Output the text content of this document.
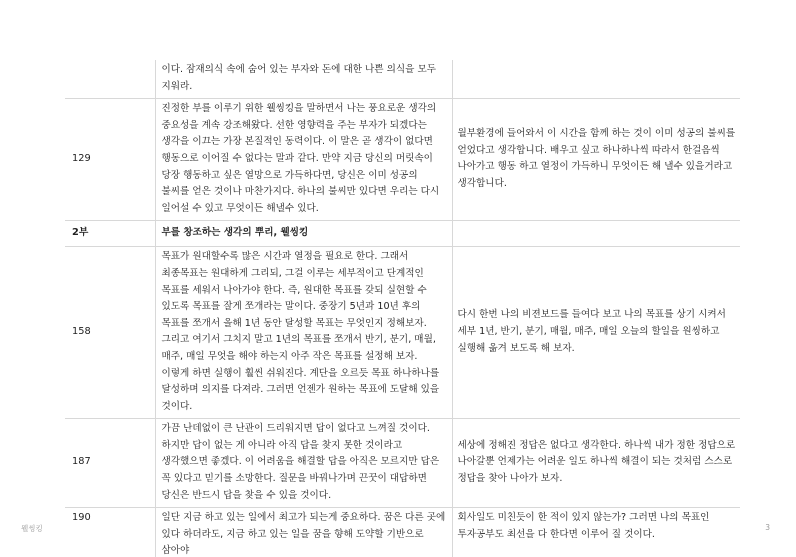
	이다. 잠재의식 속에 숨어 있는 부자와 돈에 대한 나쁜 의식을 모두 지워라.	
129	진정한 부를 이루기 위한 웰씽킹을 말하면서 나는 풍요로운 생각의 중요성을 계속 강조해왔다. 선한 영향력을 주는 부자가 되겠다는 생각을 이끄는 가장 본질적인 동력이다. 이 말은 곧 생각이 없다면 행동으로 이어질 수 없다는 말과 같다. 만약 지금 당신의 머릿속이 당장 행동하고 싶은 열망으로 가득하다면, 당신은 이미 성공의 불씨를 얻은 것이나 마찬가지다. 하나의 불씨만 있다면 우리는 다시 일어설 수 있고 무엇이든 해낼수 있다.	월부환경에 들어와서 이 시간을 함께 하는 것이 이미 성공의 불씨를 얻었다고 생각합니다. 배우고 싶고 하나하나씩 따라서 한걸음씩 나아가고 행동 하고 열정이 가득하니 무엇이든 해 낼수 있을거라고 생각합니다.
2부	부를 창조하는 생각의 뿌리, 웰씽킹	
158	목표가 원대할수록 많은 시간과 열정을 필요로 한다. 그래서 최종목표는 원대하게 그리되, 그걸 이루는 세부적이고 단계적인 목표를 세워서 나아가야 한다. 즉, 원대한 목표를 갖되 실현할 수 있도록 목표를 잘게 쪼개라는 말이다. 중장기 5년과 10년 후의 목표를 쪼개서 올해 1년 동안 달성할 목표는 무엇인지 정해보자. 그리고 여기서 그치지 말고 1년의 목표를 쪼개서 반기, 분기, 매월, 매주, 매일 무엇을 해야 하는지 아주 작은 목표를 설정해 보자. 이렇게 하면 실행이 훨씬 쉬워진다. 계단을 오르듯 목표 하나하나를 달성하며 의지를 다져라. 그러면 언젠가 원하는 목표에 도달해 있을 것이다.	다시 한번 나의 비젼보드를 들여다 보고 나의 목표를 상기 시켜서 세부 1년, 반기, 분기, 매월, 매주, 매일 오늘의 할일을 원씽하고 실행해 옮겨 보도록 해 보자.
187	가끔 난데없이 큰 난관이 드리워지면 답이 없다고 느껴질 것이다. 하지만 답이 없는 게 아니라 아직 답을 찾지 못한 것이라고 생각했으면 좋겠다. 이 어려움을 해결할 답을 아직은 모르지만 답은 꼭 있다고 믿기를 소망한다. 질문을 바꿔나가며 끈꿋이 대답하면 당신은 반드시 답을 찾을 수 있을 것이다.	세상에 정해진 정답은 없다고 생각한다. 하나씩 내가 정한 정답으로 나아갈뿐 언제가는 어려운 일도 하나씩 해결이 되는 것처럼 스스로 정답을 찾아 나아가 보자.
190	일단 지금 하고 있는 일에서 최고가 되는게 중요하다. 꿈은 다른 곳에 있다 하더라도, 지금 하고 있는 일을 꿈을 향해 도약할 기반으로 삼아야	회사일도 미친듯이 한 적이 있지 않는가? 그러면 나의 목표인 투자공부도 최선을 다 한다면 이루어 질 것이다.
웰씽킹	3
